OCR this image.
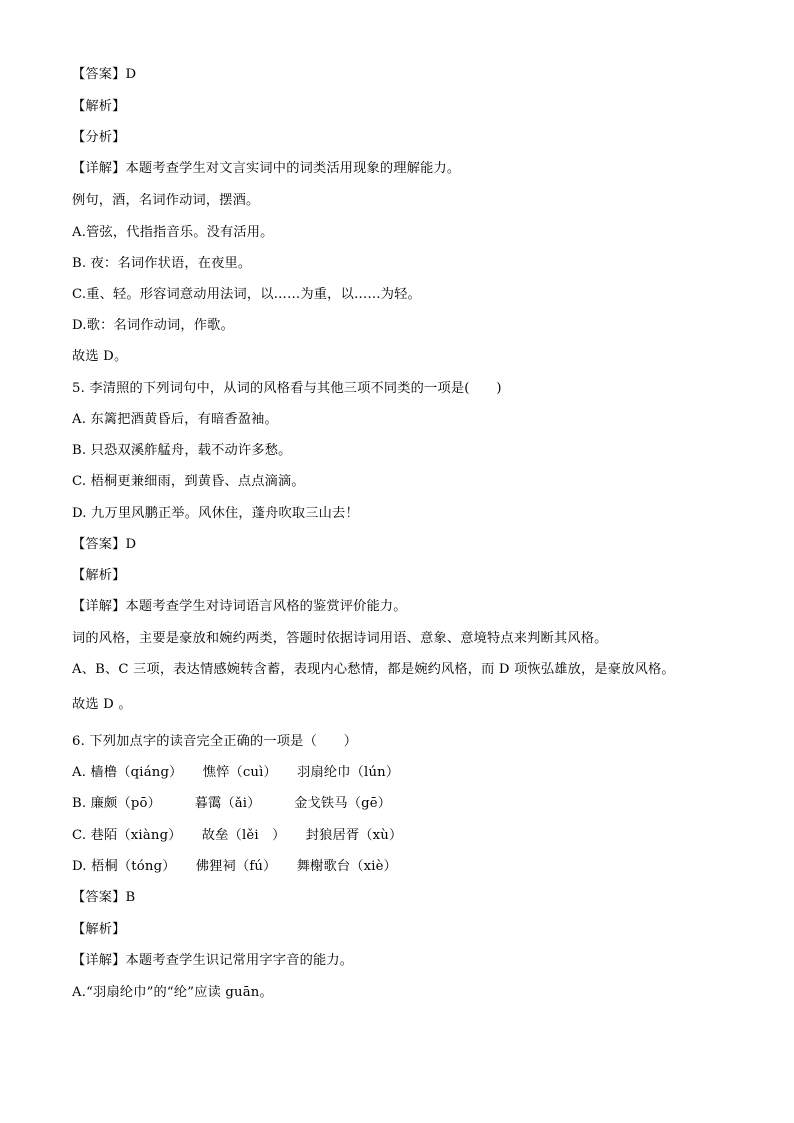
【答案】D
【解析】
【分析】
【详解】本题考查学生对文言实词中的词类活用现象的理解能力。
例句，酒，名词作动词，摆酒。
A.管弦，代指指音乐。没有活用。
B. 夜：名词作状语，在夜里。
C.重、轻。形容词意动用法词，以……为重，以……为轻。
D.歌：名词作动词，作歌。
故选 D。
5. 李清照的下列词句中，从词的风格看与其他三项不同类的一项是(　　)
A. 东篱把酒黄昏后，有暗香盈袖。
B. 只恐双溪舴艋舟，载不动许多愁。
C. 梧桐更兼细雨，到黄昏、点点滴滴。
D. 九万里风鹏正举。风休住，蓬舟吹取三山去！
【答案】D
【解析】
【详解】本题考查学生对诗词语言风格的鉴赏评价能力。
词的风格，主要是豪放和婉约两类，答题时依据诗词用语、意象、意境特点来判断其风格。
A、B、C 三项，表达情感婉转含蓄，表现内心愁情，都是婉约风格，而 D 项恢弘雄放，是豪放风格。
故选 D 。
6. 下列加点字的读音完全正确的一项是（　　）
A. 樯橹（qiáng）　　憔悴（cuì）　　羽扇纶巾（lún）
B. 廉颇（pō）　　　暮霭（ǎi）　　　金戈铁马（gē）
C. 巷陌（xiàng）　　故垒（lěi　）　　封狼居胥（xù）
D. 梧桐（tóng）　　佛狸祠（fú）　　舞榭歌台（xiè）
【答案】B
【解析】
【详解】本题考查学生识记常用字字音的能力。
A.“羽扇纶巾”的“纶”应读 guān。
